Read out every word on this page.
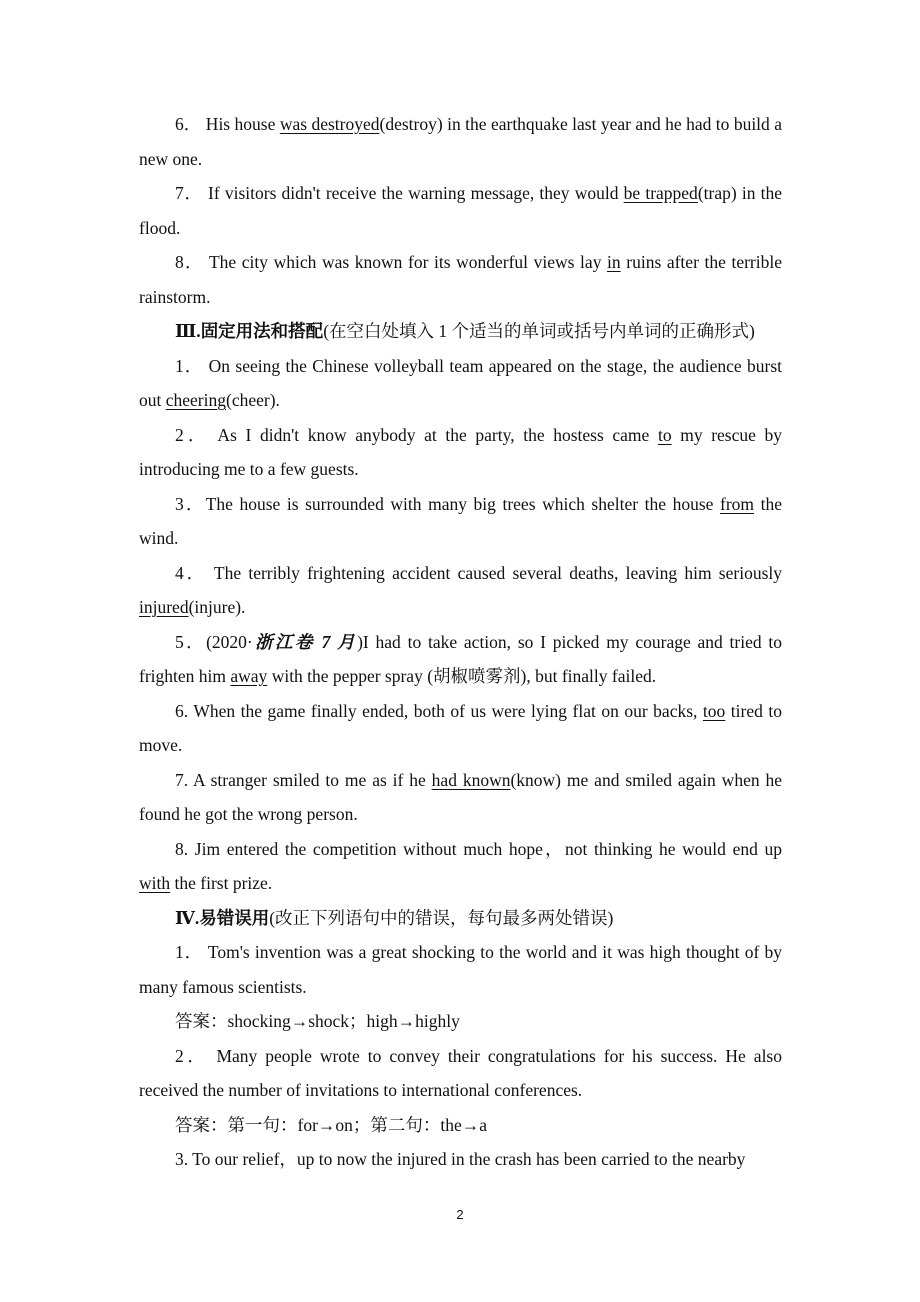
6． His house was destroyed(destroy) in the earthquake last year and he had to build a new one.

7． If visitors didn't receive the warning message, they would be trapped(trap) in the flood.

8． The city which was known for its wonderful views lay in ruins after the terrible rainstorm.

Ⅲ.固定用法和搭配(在空白处填入 1 个适当的单词或括号内单词的正确形式)

1． On seeing the Chinese volleyball team appeared on the stage, the audience burst out cheering(cheer).

2． As I didn't know anybody at the party, the hostess came to my rescue by introducing me to a few guests.

3．The house is surrounded with many big trees which shelter the house from the wind.

4． The terribly frightening accident caused several deaths, leaving him seriously injured(injure).

5．(2020·浙江卷 7 月)I had to take action, so I picked my courage and tried to frighten him away with the pepper spray (胡椒喷雾剂), but finally failed.

6. When the game finally ended, both of us were lying flat on our backs, too tired to move.

7. A stranger smiled to me as if he had known(know) me and smiled again when he found he got the wrong person.

8. Jim entered the competition without much hope，not thinking he would end up with the first prize.

Ⅳ.易错误用(改正下列语句中的错误，每句最多两处错误)

1． Tom's invention was a great shocking to the world and it was high thought of by many famous scientists.

答案：shocking→shock；high→highly

2． Many people wrote to convey their congratulations for his success. He also received the number of invitations to international conferences.

答案：第一句：for→on；第二句：the→a

3. To our relief，up to now the injured in the crash has been carried to the nearby

2
